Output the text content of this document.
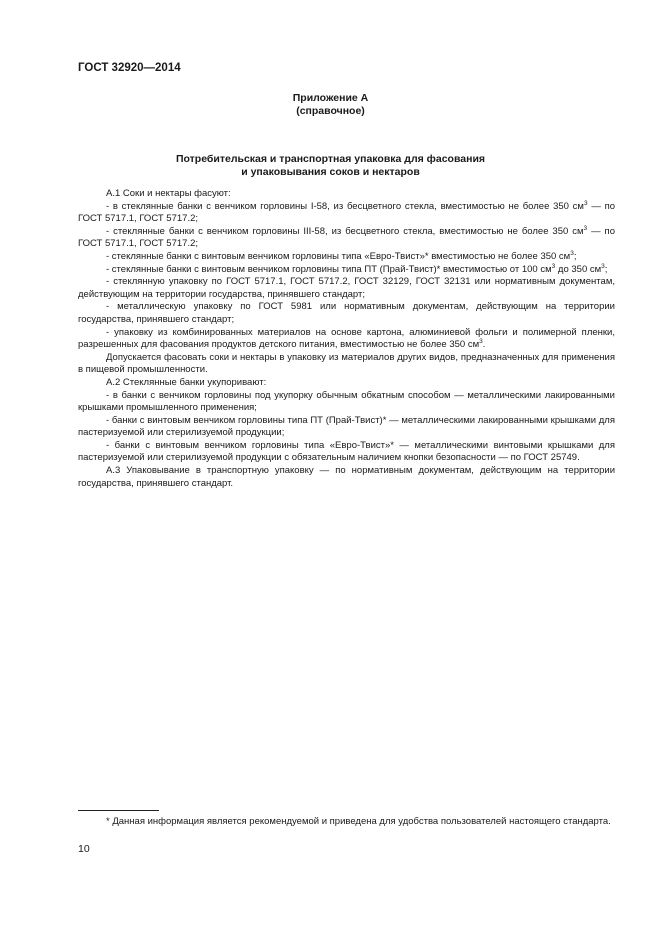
ГОСТ 32920—2014
Приложение А
(справочное)
Потребительская и транспортная упаковка для фасования
и упаковывания соков и нектаров

А.1 Соки и нектары фасуют:

- в стеклянные банки с венчиком горловины I-58, из бесцветного стекла, вместимостью не более 350 $см^3$ — по ГОСТ 5717.1, ГОСТ 5717.2;

- стеклянные банки с венчиком горловины III-58, из бесцветного стекла, вместимостью не более 350 $см^3$ — по ГОСТ 5717.1, ГОСТ 5717.2;

- стеклянные банки с винтовым венчиком горловины типа «Евро-Твист»* вместимостью не более 350 $см^3$;

- стеклянные банки с винтовым венчиком горловины типа ПТ (Прай-Твист)* вместимостью от 100 $см^3$ до 350 $см^3$;

- стеклянную упаковку по ГОСТ 5717.1, ГОСТ 5717.2, ГОСТ 32129, ГОСТ 32131 или нормативным документам, действующим на территории государства, принявшего стандарт;

- металлическую упаковку по ГОСТ 5981 или нормативным документам, действующим на территории государства, принявшего стандарт;

- упаковку из комбинированных материалов на основе картона, алюминиевой фольги и полимерной пленки, разрешенных для фасования продуктов детского питания, вместимостью не более 350 $см^3$.

Допускается фасовать соки и нектары в упаковку из материалов других видов, предназначенных для применения в пищевой промышленности.

А.2 Стеклянные банки укупоривают:

- в банки с венчиком горловины под укупорку обычным обкатным способом — металлическими лакированными крышками промышленного применения;

- банки с винтовым венчиком горловины типа ПТ (Прай-Твист)* — металлическими лакированными крышками для пастеризуемой или стерилизуемой продукции;

- банки с винтовым венчиком горловины типа «Евро-Твист»* — металлическими винтовыми крышками для пастеризуемой или стерилизуемой продукции с обязательным наличием кнопки безопасности — по ГОСТ 25749.

А.3 Упаковывание в транспортную упаковку — по нормативным документам, действующим на территории государства, принявшего стандарт.

* Данная информация является рекомендуемой и приведена для удобства пользователей настоящего стандарта.
10
